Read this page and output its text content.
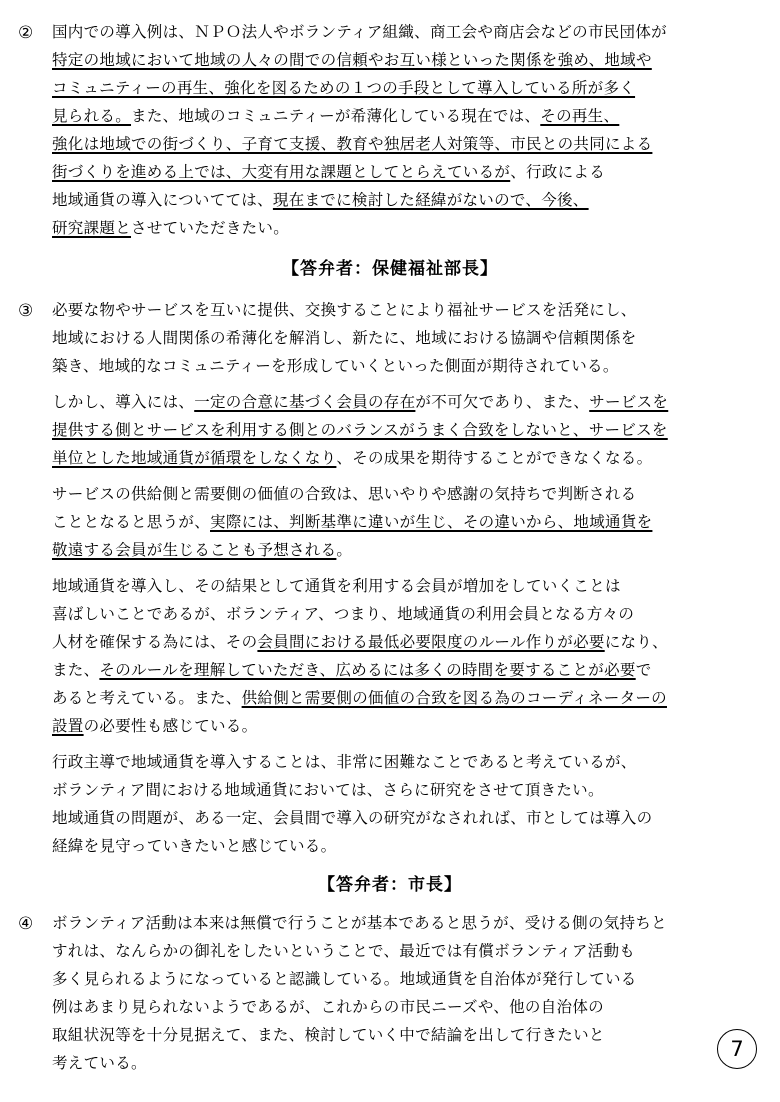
② 国内での導入例は、ＮＰＯ法人やボランティア組織、商工会や商店会などの市民団体が
特定の地域において地域の人々の間での信頼やお互い様といった関係を強め、地域や
コミュニティーの再生、強化を図るための１つの手段として導入している所が多く
見られる。また、地域のコミュニティーが希薄化している現在では、その再生、
強化は地域での街づくり、子育て支援、教育や独居老人対策等、市民との共同による
街づくりを進める上では、大変有用な課題としてとらえているが、行政による
地域通貨の導入についてては、現在までに検討した経緯がないので、今後、
研究課題とさせていただきたい。
【答弁者：保健福祉部長】
③ 必要な物やサービスを互いに提供、交換することにより福祉サービスを活発にし、
地域における人間関係の希薄化を解消し、新たに、地域における協調や信頼関係を
築き、地域的なコミュニティーを形成していくといった側面が期待されている。
しかし、導入には、一定の合意に基づく会員の存在が不可欠であり、また、サービスを
提供する側とサービスを利用する側とのバランスがうまく合致をしないと、サービスを
単位とした地域通貨が循環をしなくなり、その成果を期待することができなくなる。
サービスの供給側と需要側の価値の合致は、思いやりや感謝の気持ちで判断される
こととなると思うが、実際には、判断基準に違いが生じ、その違いから、地域通貨を
敬遠する会員が生じることも予想される。
地域通貨を導入し、その結果として通貨を利用する会員が増加をしていくことは
喜ばしいことであるが、ボランティア、つまり、地域通貨の利用会員となる方々の
人材を確保する為には、その会員間における最低必要限度のルール作りが必要になり、
また、そのルールを理解していただき、広めるには多くの時間を要することが必要で
あると考えている。また、供給側と需要側の価値の合致を図る為のコーディネーターの
設置の必要性も感じている。
行政主導で地域通貨を導入することは、非常に困難なことであると考えているが、
ボランティア間における地域通貨においては、さらに研究をさせて頂きたい。
地域通貨の問題が、ある一定、会員間で導入の研究がなされれば、市としては導入の
経緯を見守っていきたいと感じている。
【答弁者：市長】
④ ボランティア活動は本来は無償で行うことが基本であると思うが、受ける側の気持ちと
すれは、なんらかの御礼をしたいということで、最近では有償ボランティア活動も
多く見られるようになっていると認識している。地域通貨を自治体が発行している
例はあまり見られないようであるが、これからの市民ニーズや、他の自治体の
取組状況等を十分見据えて、また、検討していく中で結論を出して行きたいと
考えている。
7
